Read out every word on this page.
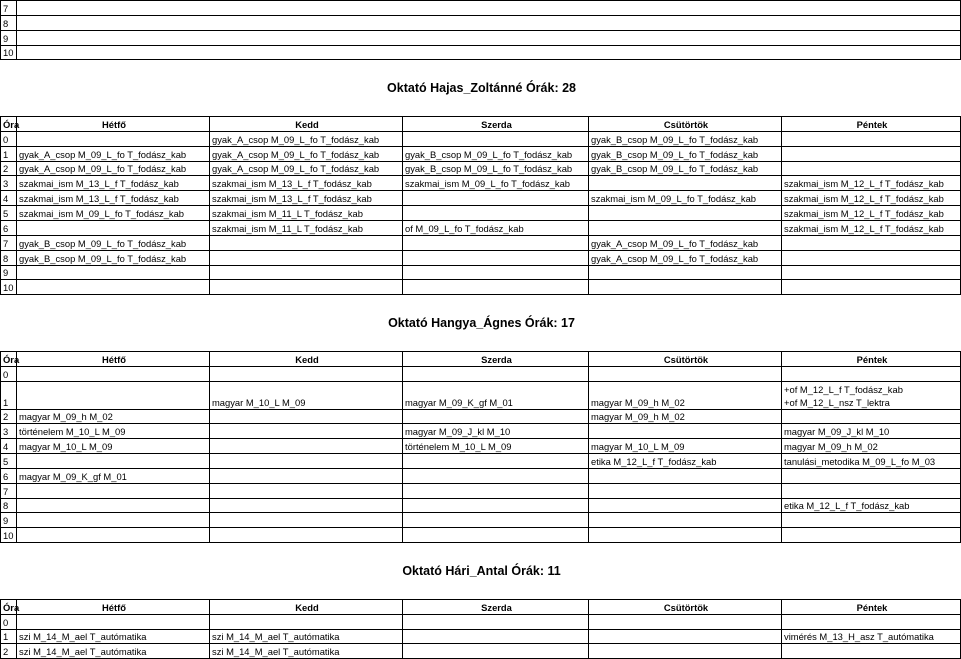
7					
8					
9					
10					

Oktató Hajas_Zoltánné Órák: 28					

Óra	Hétfő	Kedd	Szerda	Csütörtök	Péntek
0		gyak_A_csop M_09_L_fo T_fodász_kab		gyak_B_csop M_09_L_fo T_fodász_kab	
1	gyak_A_csop M_09_L_fo T_fodász_kab	gyak_A_csop M_09_L_fo T_fodász_kab	gyak_B_csop M_09_L_fo T_fodász_kab	gyak_B_csop M_09_L_fo T_fodász_kab	
2	gyak_A_csop M_09_L_fo T_fodász_kab	gyak_A_csop M_09_L_fo T_fodász_kab	gyak_B_csop M_09_L_fo T_fodász_kab	gyak_B_csop M_09_L_fo T_fodász_kab	
3	szakmai_ism M_13_L_f T_fodász_kab	szakmai_ism M_13_L_f T_fodász_kab	szakmai_ism M_09_L_fo T_fodász_kab		szakmai_ism M_12_L_f T_fodász_kab
4	szakmai_ism M_13_L_f T_fodász_kab	szakmai_ism M_13_L_f T_fodász_kab		szakmai_ism M_09_L_fo T_fodász_kab	szakmai_ism M_12_L_f T_fodász_kab
5	szakmai_ism M_09_L_fo T_fodász_kab	szakmai_ism M_11_L T_fodász_kab			szakmai_ism M_12_L_f T_fodász_kab
6		szakmai_ism M_11_L T_fodász_kab	of M_09_L_fo T_fodász_kab		szakmai_ism M_12_L_f T_fodász_kab
7	gyak_B_csop M_09_L_fo T_fodász_kab			gyak_A_csop M_09_L_fo T_fodász_kab	
8	gyak_B_csop M_09_L_fo T_fodász_kab			gyak_A_csop M_09_L_fo T_fodász_kab	
9					
10					

Oktató Hangya_Ágnes Órák: 17					

Óra	Hétfő	Kedd	Szerda	Csütörtök	Péntek
0					
1		magyar M_10_L M_09	magyar M_09_K_gf M_01	magyar M_09_h M_02	+of M_12_L_f T_fodász_kab
+of M_12_L_nsz T_lektra

2	magyar M_09_h M_02			magyar M_09_h M_02	
3	történelem M_10_L M_09		magyar M_09_J_kl M_10		magyar M_09_J_kl M_10
4	magyar M_10_L M_09		történelem M_10_L M_09	magyar M_10_L M_09	magyar M_09_h M_02
5				etika M_12_L_f T_fodász_kab	tanulási_metodika M_09_L_fo M_03
6	magyar M_09_K_gf M_01				
7					
8					etika M_12_L_f T_fodász_kab
9					
10					

Oktató Hári_Antal Órák: 11					

Óra	Hétfő	Kedd	Szerda	Csütörtök	Péntek
0					
1	szi M_14_M_ael T_autómatika	szi M_14_M_ael T_autómatika			vimérés M_13_H_asz T_autómatika
2	szi M_14_M_ael T_autómatika	szi M_14_M_ael T_autómatika			
